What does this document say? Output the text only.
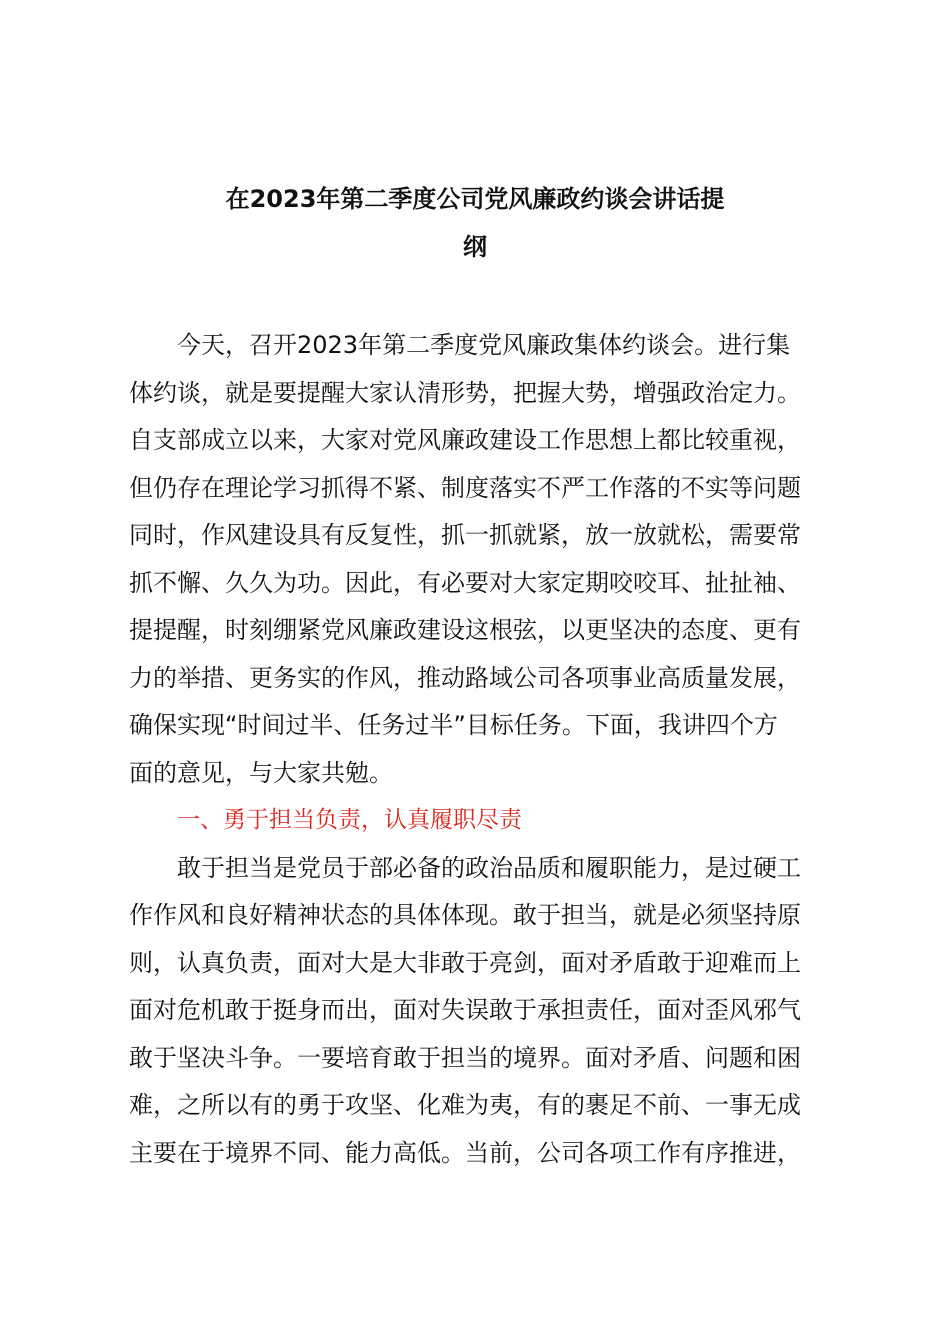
在2023年第二季度公司党风廉政约谈会讲话提
纲
今天，召开2023年第二季度党风廉政集体约谈会。进行集
体约谈，就是要提醒大家认清形势，把握大势，增强政治定力。
自支部成立以来，大家对党风廉政建设工作思想上都比较重视，
但仍存在理论学习抓得不紧、制度落实不严工作落的不实等问题
同时，作风建设具有反复性，抓一抓就紧，放一放就松，需要常
抓不懈、久久为功。因此，有必要对大家定期咬咬耳、扯扯袖、
提提醒，时刻绷紧党风廉政建设这根弦，以更坚决的态度、更有
力的举措、更务实的作风，推动路域公司各项事业高质量发展，
确保实现“时间过半、任务过半”目标任务。下面，我讲四个方
面的意见，与大家共勉。
一、勇于担当负责，认真履职尽责
敢于担当是党员于部必备的政治品质和履职能力，是过硬工
作作风和良好精神状态的具体体现。敢于担当，就是必须坚持原
则，认真负责，面对大是大非敢于亮剑，面对矛盾敢于迎难而上
面对危机敢于挺身而出，面对失误敢于承担责任，面对歪风邪气
敢于坚决斗争。一要培育敢于担当的境界。面对矛盾、问题和困
难，之所以有的勇于攻坚、化难为夷，有的裹足不前、一事无成
主要在于境界不同、能力高低。当前，公司各项工作有序推进，
